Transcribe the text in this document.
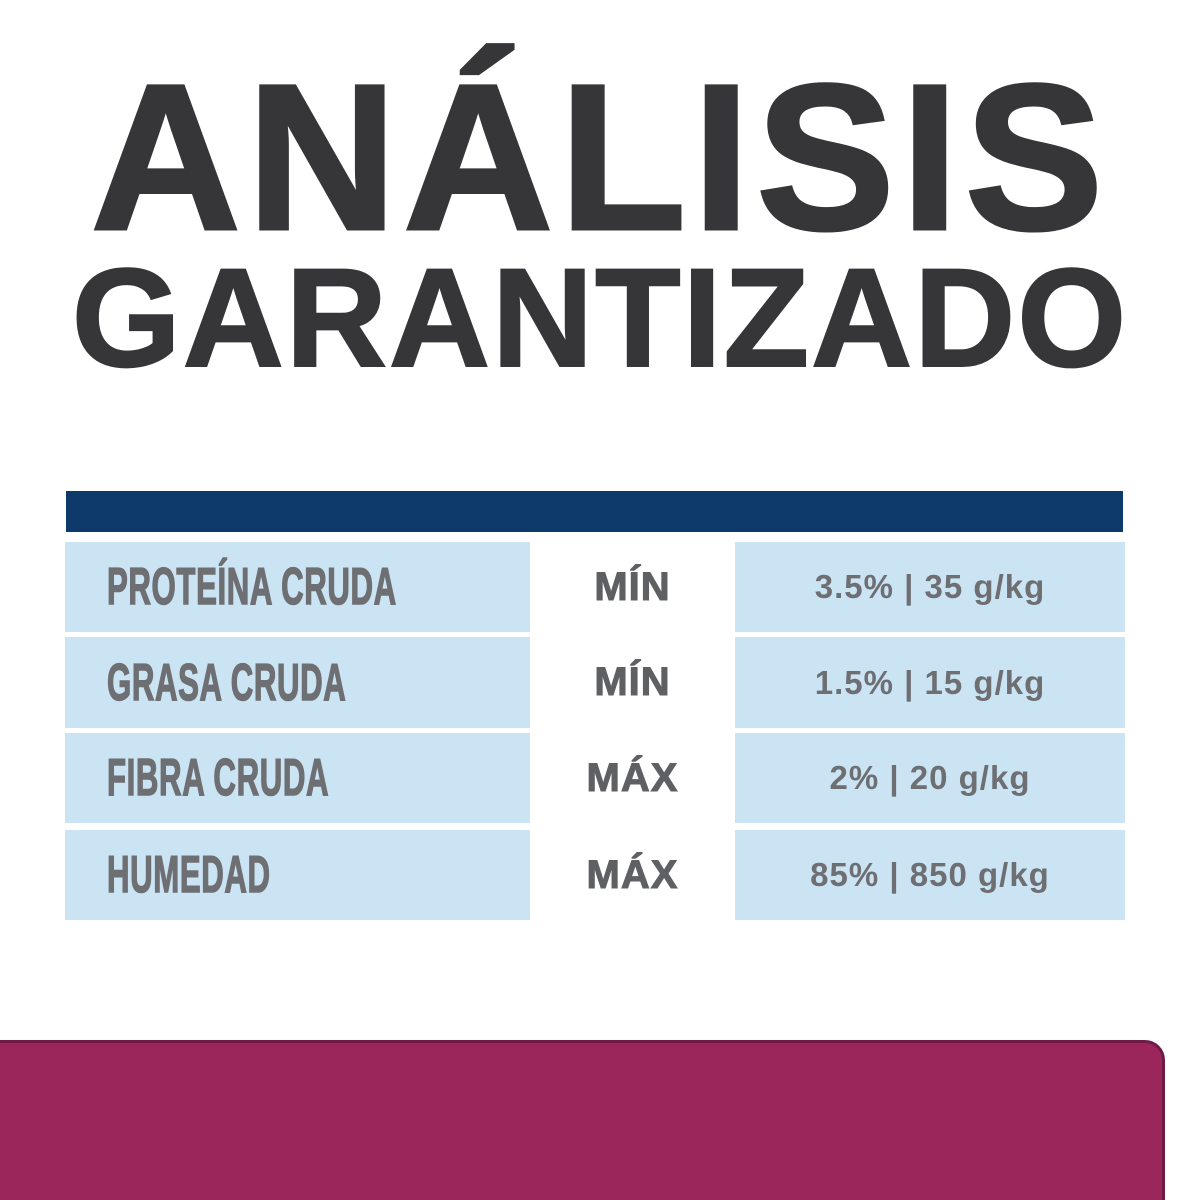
ANÁLISIS
GARANTIZADO
PROTEÍNA CRUDA	MÍN	3.5% | 35 g/kg
GRASA CRUDA	MÍN	1.5% | 15 g/kg
FIBRA CRUDA	MÁX	2% | 20 g/kg
HUMEDAD	MÁX	85% | 850 g/kg
